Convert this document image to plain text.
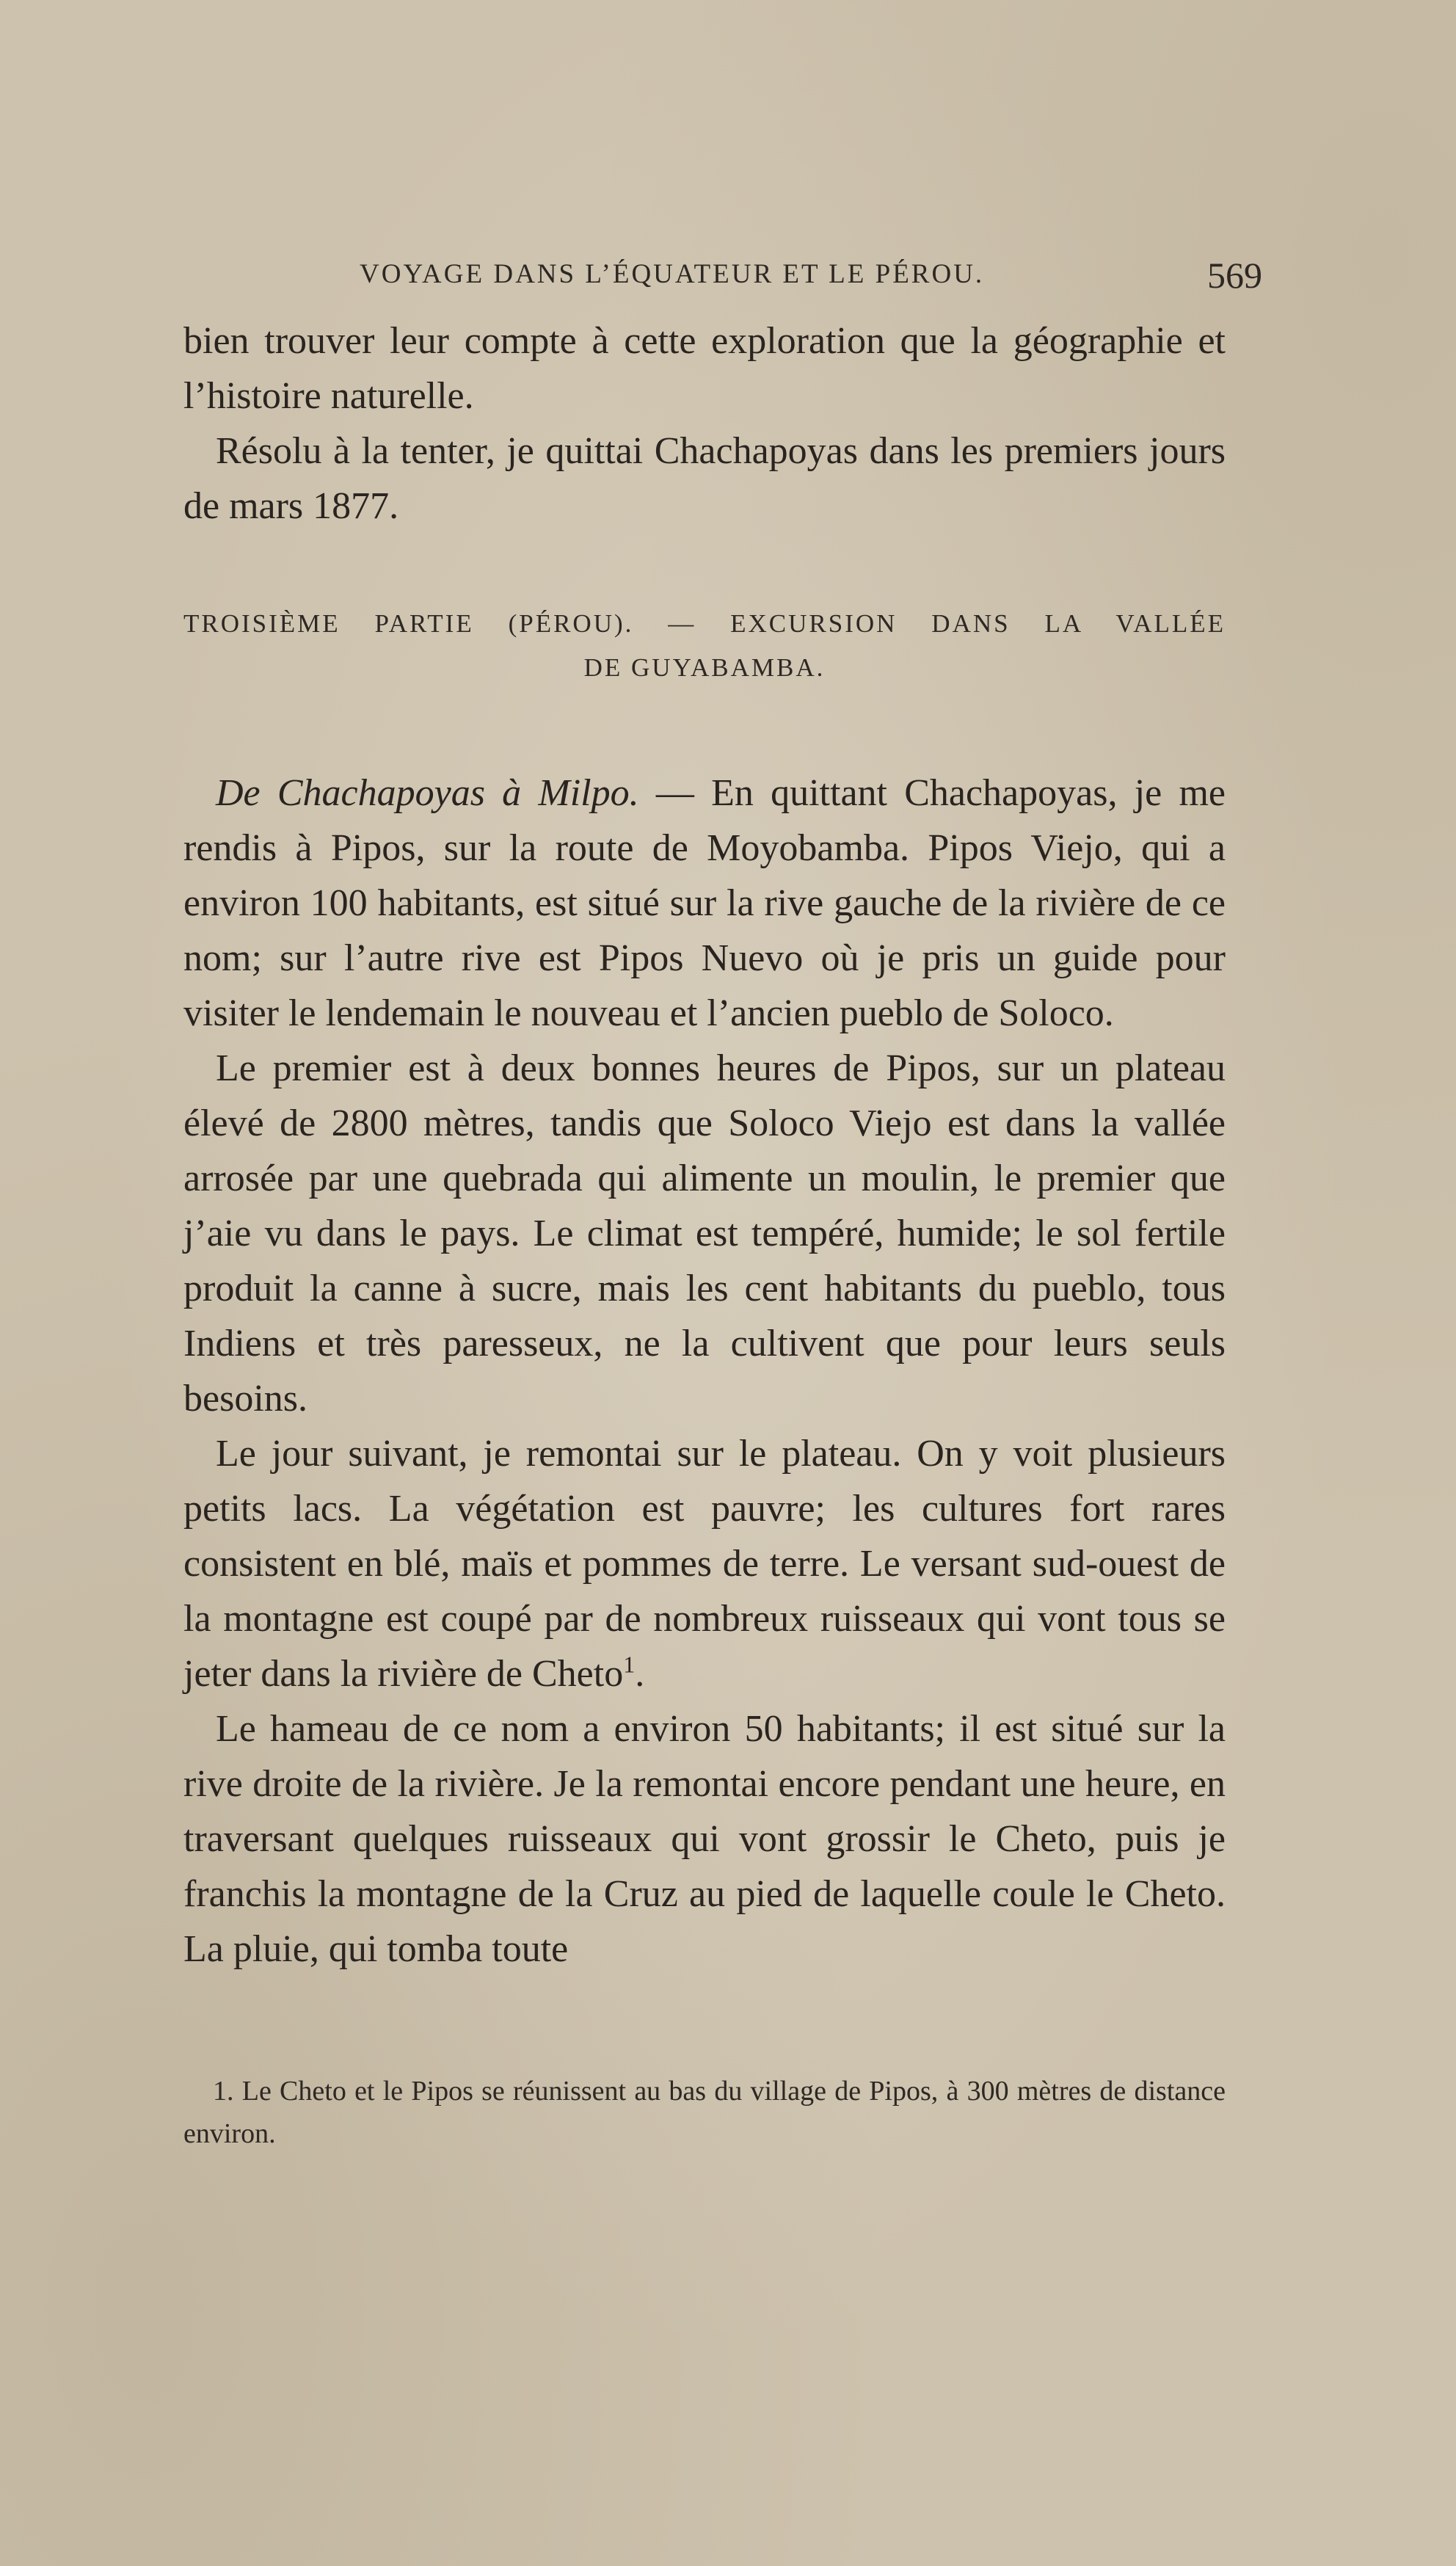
VOYAGE DANS L’ÉQUATEUR ET LE PÉROU.	569

bien trouver leur compte à cette exploration que la géographie et l’histoire naturelle.

Résolu à la tenter, je quittai Chachapoyas dans les premiers jours de mars 1877.

TROISIÈME PARTIE (PÉROU). — EXCURSION DANS LA VALLÉE
DE GUYABAMBA.

De Chachapoyas à Milpo. — En quittant Chachapoyas, je me rendis à Pipos, sur la route de Moyobamba. Pipos Viejo, qui a environ 100 habitants, est situé sur la rive gauche de la rivière de ce nom; sur l’autre rive est Pipos Nuevo où je pris un guide pour visiter le lendemain le nouveau et l’ancien pueblo de Soloco.

Le premier est à deux bonnes heures de Pipos, sur un plateau élevé de 2800 mètres, tandis que Soloco Viejo est dans la vallée arrosée par une quebrada qui alimente un moulin, le premier que j’aie vu dans le pays. Le climat est tempéré, humide; le sol fertile produit la canne à sucre, mais les cent habitants du pueblo, tous Indiens et très paresseux, ne la cultivent que pour leurs seuls besoins.

Le jour suivant, je remontai sur le plateau. On y voit plusieurs petits lacs. La végétation est pauvre; les cultures fort rares consistent en blé, maïs et pommes de terre. Le versant sud-ouest de la montagne est coupé par de nombreux ruisseaux qui vont tous se jeter dans la rivière de Cheto$^1$.

Le hameau de ce nom a environ 50 habitants; il est situé sur la rive droite de la rivière. Je la remontai encore pendant une heure, en traversant quelques ruisseaux qui vont grossir le Cheto, puis je franchis la montagne de la Cruz au pied de laquelle coule le Cheto. La pluie, qui tomba toute

1. Le Cheto et le Pipos se réunissent au bas du village de Pipos, à 300 mètres de distance environ.
